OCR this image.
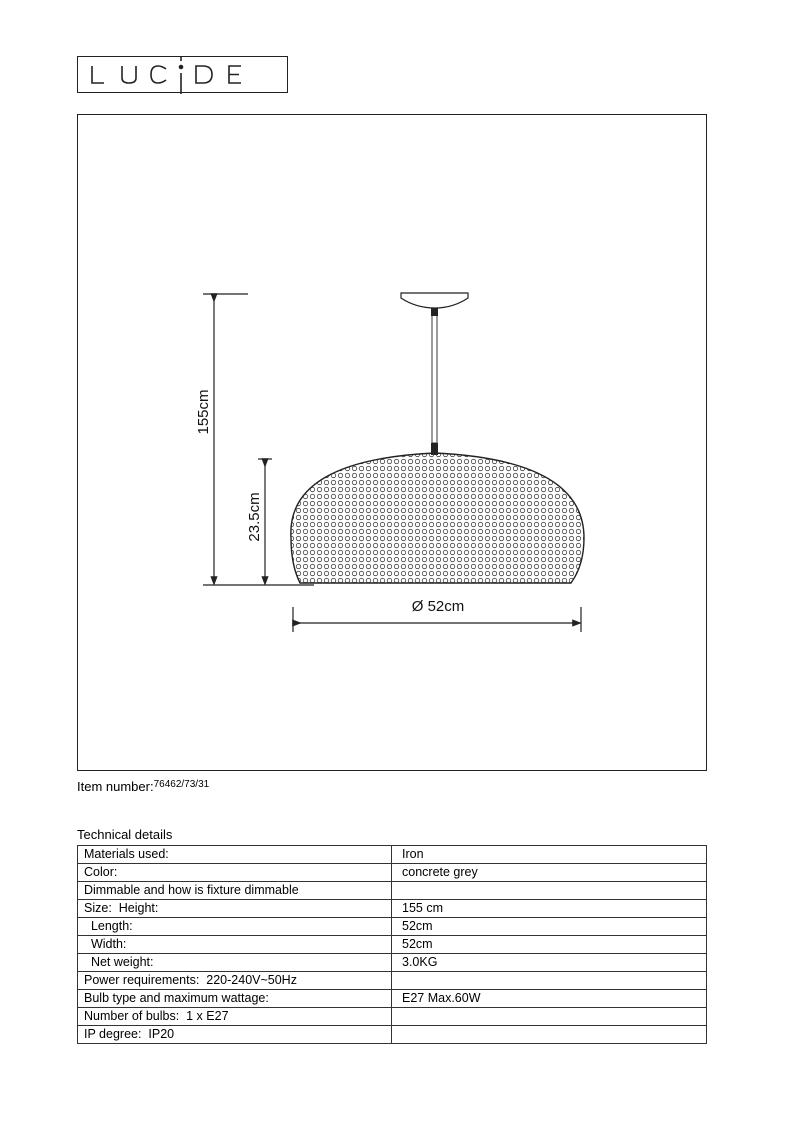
155cm
23.5cm
Ø 52cm
Item number:$^{76462/73/31}$
Technical details
Materials used:	Iron
Color:	concrete grey
Dimmable and how is fixture dimmable	
Size:  Height:	155 cm
Length:	52cm
Width:	52cm
Net weight:	3.0KG
Power requirements:  220-240V~50Hz	
Bulb type and maximum wattage:	E27 Max.60W
Number of bulbs:  1 x E27	
IP degree:  IP20	
